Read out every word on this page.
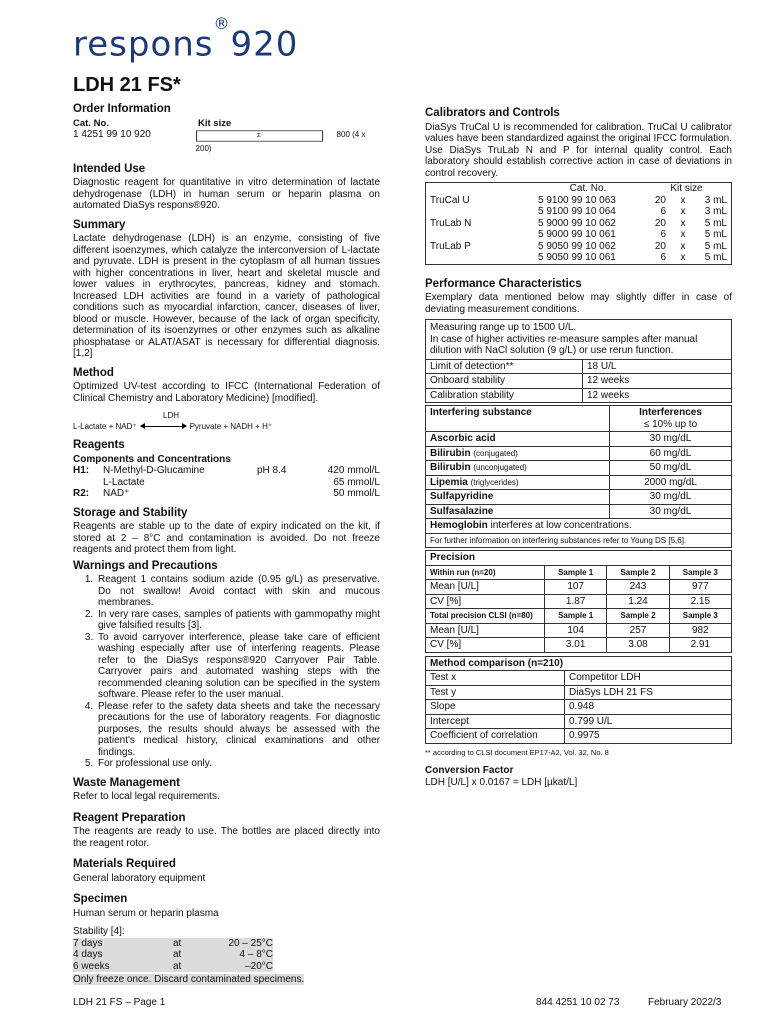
respons®920
LDH 21 FS*
Order Information
Cat. No.	Kit size
1 4251 99 10 920	Σ	800 (4 x 200)
Intended Use

Diagnostic reagent for quantitative in vitro determination of lactate dehydrogenase (LDH) in human serum or heparin plasma on automated DiaSys respons®920.

Summary

Lactate dehydrogenase (LDH) is an enzyme, consisting of five different isoenzymes, which catalyze the interconversion of L-lactate and pyruvate. LDH is present in the cytoplasm of all human tissues with higher concentrations in liver, heart and skeletal muscle and lower values in erythrocytes, pancreas, kidney and stomach. Increased LDH activities are found in a variety of pathological conditions such as myocardial infarction, cancer, diseases of liver, blood or muscle. However, because of the lack of organ specificity, determination of its isoenzymes or other enzymes such as alkaline phosphatase or ALAT/ASAT is necessary for differential diagnosis. [1,2]

Method

Optimized UV-test according to IFCC (International Federation of Clinical Chemistry and Laboratory Medicine) [modified].

LDH
L-Lactate + NAD⁺	Pyruvate + NADH + H⁺
Reagents
Components and Concentrations
H1:	N-Methyl-D-Glucamine	pH 8.4	420 mmol/L
	L-Lactate		65 mmol/L
R2:	NAD⁺		50 mmol/L
Storage and Stability

Reagents are stable up to the date of expiry indicated on the kit, if stored at 2 – 8°C and contamination is avoided. Do not freeze reagents and protect them from light.

Warnings and Precautions
1. Reagent 1 contains sodium azide (0.95 g/L) as preservative. Do not swallow! Avoid contact with skin and mucous membranes.
2. In very rare cases, samples of patients with gammopathy might give falsified results [3].
3. To avoid carryover interference, please take care of efficient washing especially after use of interfering reagents. Please refer to the DiaSys respons®920 Carryover Pair Table. Carryover pairs and automated washing steps with the recommended cleaning solution can be specified in the system software. Please refer to the user manual.
4. Please refer to the safety data sheets and take the necessary precautions for the use of laboratory reagents. For diagnostic purposes, the results should always be assessed with the patient's medical history, clinical examinations and other findings.
5. For professional use only.
Waste Management

Refer to local legal requirements.

Reagent Preparation

The reagents are ready to use. The bottles are placed directly into the reagent rotor.

Materials Required

General laboratory equipment

Specimen

Human serum or heparin plasma

Stability [4]:

7 days	at	20 – 25°C
4 days	at	4 – 8°C
6 weeks	at	–20°C

Only freeze once. Discard contaminated specimens.

Calibrators and Controls

DiaSys TruCal U is recommended for calibration. TruCal U calibrator values have been standardized against the original IFCC formulation. Use DiaSys TruLab N and P for internal quality control. Each laboratory should establish corrective action in case of deviations in control recovery.

	Cat. No.	Kit size		
TruCal U	5 9100 99 10 063	20	x	3 mL
	5 9100 99 10 064	6	x	3 mL
TruLab N	5 9000 99 10 062	20	x	5 mL
	5 9000 99 10 061	6	x	5 mL
TruLab P	5 9050 99 10 062	20	x	5 mL
	5 9050 99 10 061	6	x	5 mL
Performance Characteristics

Exemplary data mentioned below may slightly differ in case of deviating measurement conditions.

Measuring range up to 1500 U/L.
In case of higher activities re-measure samples after manual dilution with NaCl solution (9 g/L) or use rerun function.	
Limit of detection**	18 U/L
Onboard stability	12 weeks
Calibration stability	12 weeks
Interfering substance	Interferences
≤ 10% up to
Ascorbic acid	30 mg/dL
Bilirubin (conjugated)	60 mg/dL
Bilirubin (unconjugated)	50 mg/dL
Lipemia (triglycerides)	2000 mg/dL
Sulfapyridine	30 mg/dL
Sulfasalazine	30 mg/dL
Hemoglobin interferes at low concentrations.	
For further information on interfering substances refer to Young DS [5,6].	
Precision			
Within run (n=20)	Sample 1	Sample 2	Sample 3
Mean [U/L]	107	243	977
CV [%]	1.87	1.24	2.15
Total precision CLSI (n=80)	Sample 1	Sample 2	Sample 3
Mean [U/L]	104	257	982
CV [%]	3.01	3.08	2.91
Method comparison (n=210)	
Test x	Competitor LDH
Test y	DiaSys LDH 21 FS
Slope	0.948
Intercept	0.799 U/L
Coefficient of correlation	0.9975
** according to CLSI document EP17-A2, Vol. 32, No. 8
Conversion Factor

LDH [U/L] x 0.0167 = LDH [µkat/L]

LDH 21 FS – Page 1	844 4251 10 02 73	February 2022/3
